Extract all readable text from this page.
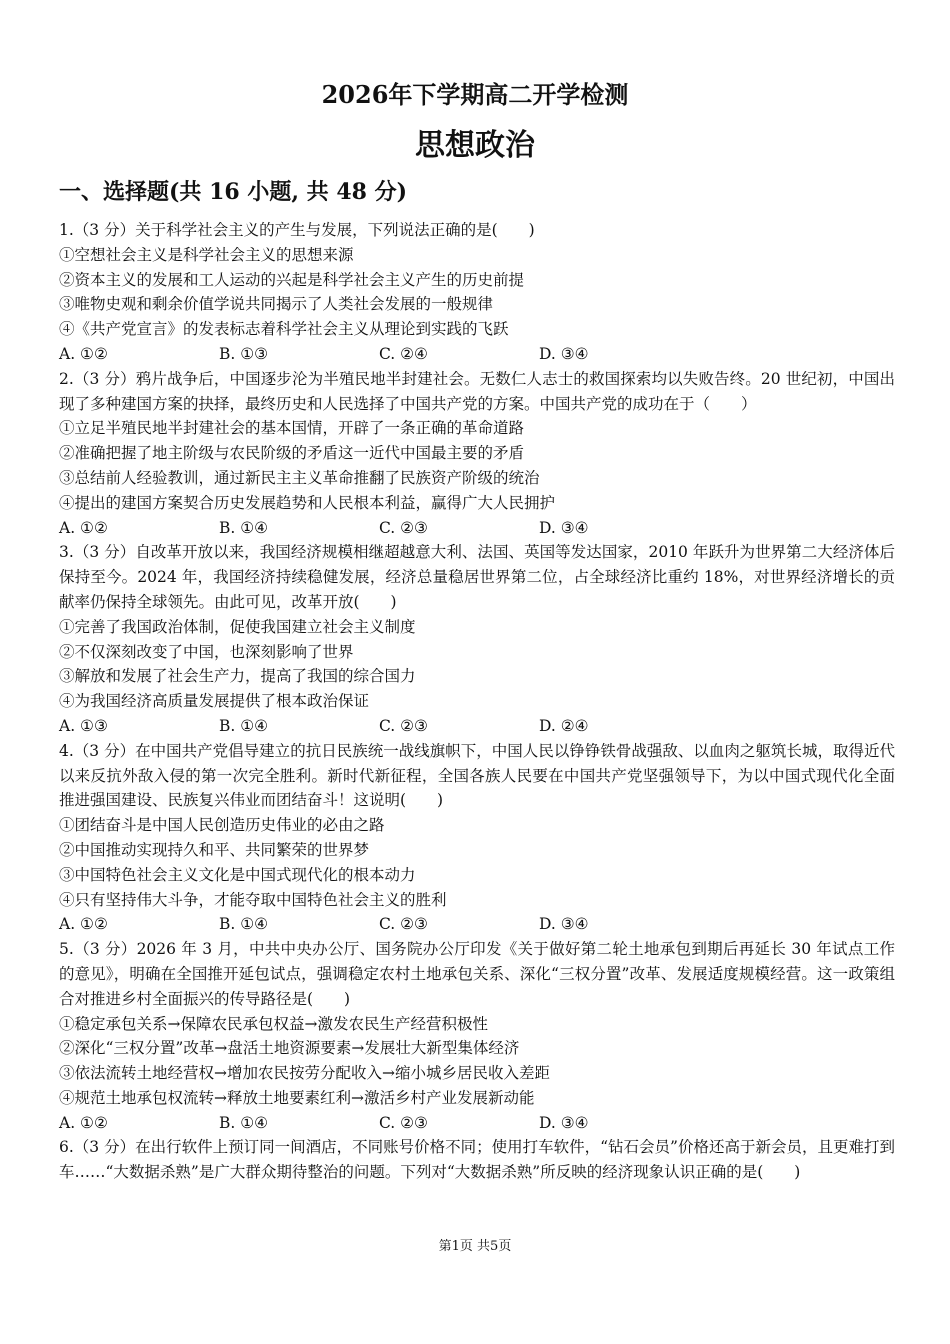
2026年下学期高二开学检测
思想政治
一、选择题(共 16 小题, 共 48 分)

1.（3 分）关于科学社会主义的产生与发展，下列说法正确的是(　　)

①空想社会主义是科学社会主义的思想来源

②资本主义的发展和工人运动的兴起是科学社会主义产生的历史前提

③唯物史观和剩余价值学说共同揭示了人类社会发展的一般规律

④《共产党宣言》的发表标志着科学社会主义从理论到实践的飞跃

A. ①②	B. ①③	C. ②④	D. ③④

2.（3 分）鸦片战争后，中国逐步沦为半殖民地半封建社会。无数仁人志士的救国探索均以失败告终。20 世纪初，中国出现了多种建国方案的抉择，最终历史和人民选择了中国共产党的方案。中国共产党的成功在于（　　）

①立足半殖民地半封建社会的基本国情，开辟了一条正确的革命道路

②准确把握了地主阶级与农民阶级的矛盾这一近代中国最主要的矛盾

③总结前人经验教训，通过新民主主义革命推翻了民族资产阶级的统治

④提出的建国方案契合历史发展趋势和人民根本利益，赢得广大人民拥护

A. ①②	B. ①④	C. ②③	D. ③④

3.（3 分）自改革开放以来，我国经济规模相继超越意大利、法国、英国等发达国家，2010 年跃升为世界第二大经济体后保持至今。2024 年，我国经济持续稳健发展，经济总量稳居世界第二位，占全球经济比重约 18%，对世界经济增长的贡献率仍保持全球领先。由此可见，改革开放(　　)

①完善了我国政治体制，促使我国建立社会主义制度

②不仅深刻改变了中国，也深刻影响了世界

③解放和发展了社会生产力，提高了我国的综合国力

④为我国经济高质量发展提供了根本政治保证

A. ①③	B. ①④	C. ②③	D. ②④

4.（3 分）在中国共产党倡导建立的抗日民族统一战线旗帜下，中国人民以铮铮铁骨战强敌、以血肉之躯筑长城，取得近代以来反抗外敌入侵的第一次完全胜利。新时代新征程，全国各族人民要在中国共产党坚强领导下，为以中国式现代化全面推进强国建设、民族复兴伟业而团结奋斗！这说明(　　)

①团结奋斗是中国人民创造历史伟业的必由之路

②中国推动实现持久和平、共同繁荣的世界梦

③中国特色社会主义文化是中国式现代化的根本动力

④只有坚持伟大斗争，才能夺取中国特色社会主义的胜利

A. ①②	B. ①④	C. ②③	D. ③④

5.（3 分）2026 年 3 月，中共中央办公厅、国务院办公厅印发《关于做好第二轮土地承包到期后再延长 30 年试点工作的意见》，明确在全国推开延包试点，强调稳定农村土地承包关系、深化“三权分置”改革、发展适度规模经营。这一政策组合对推进乡村全面振兴的传导路径是(　　)

①稳定承包关系→保障农民承包权益→激发农民生产经营积极性

②深化“三权分置”改革→盘活土地资源要素→发展壮大新型集体经济

③依法流转土地经营权→增加农民按劳分配收入→缩小城乡居民收入差距

④规范土地承包权流转→释放土地要素红利→激活乡村产业发展新动能

A. ①②	B. ①④	C. ②③	D. ③④

6.（3 分）在出行软件上预订同一间酒店，不同账号价格不同；使用打车软件，“钻石会员”价格还高于新会员，且更难打到车……“大数据杀熟”是广大群众期待整治的问题。下列对“大数据杀熟”所反映的经济现象认识正确的是(　　)

第1页 共5页
